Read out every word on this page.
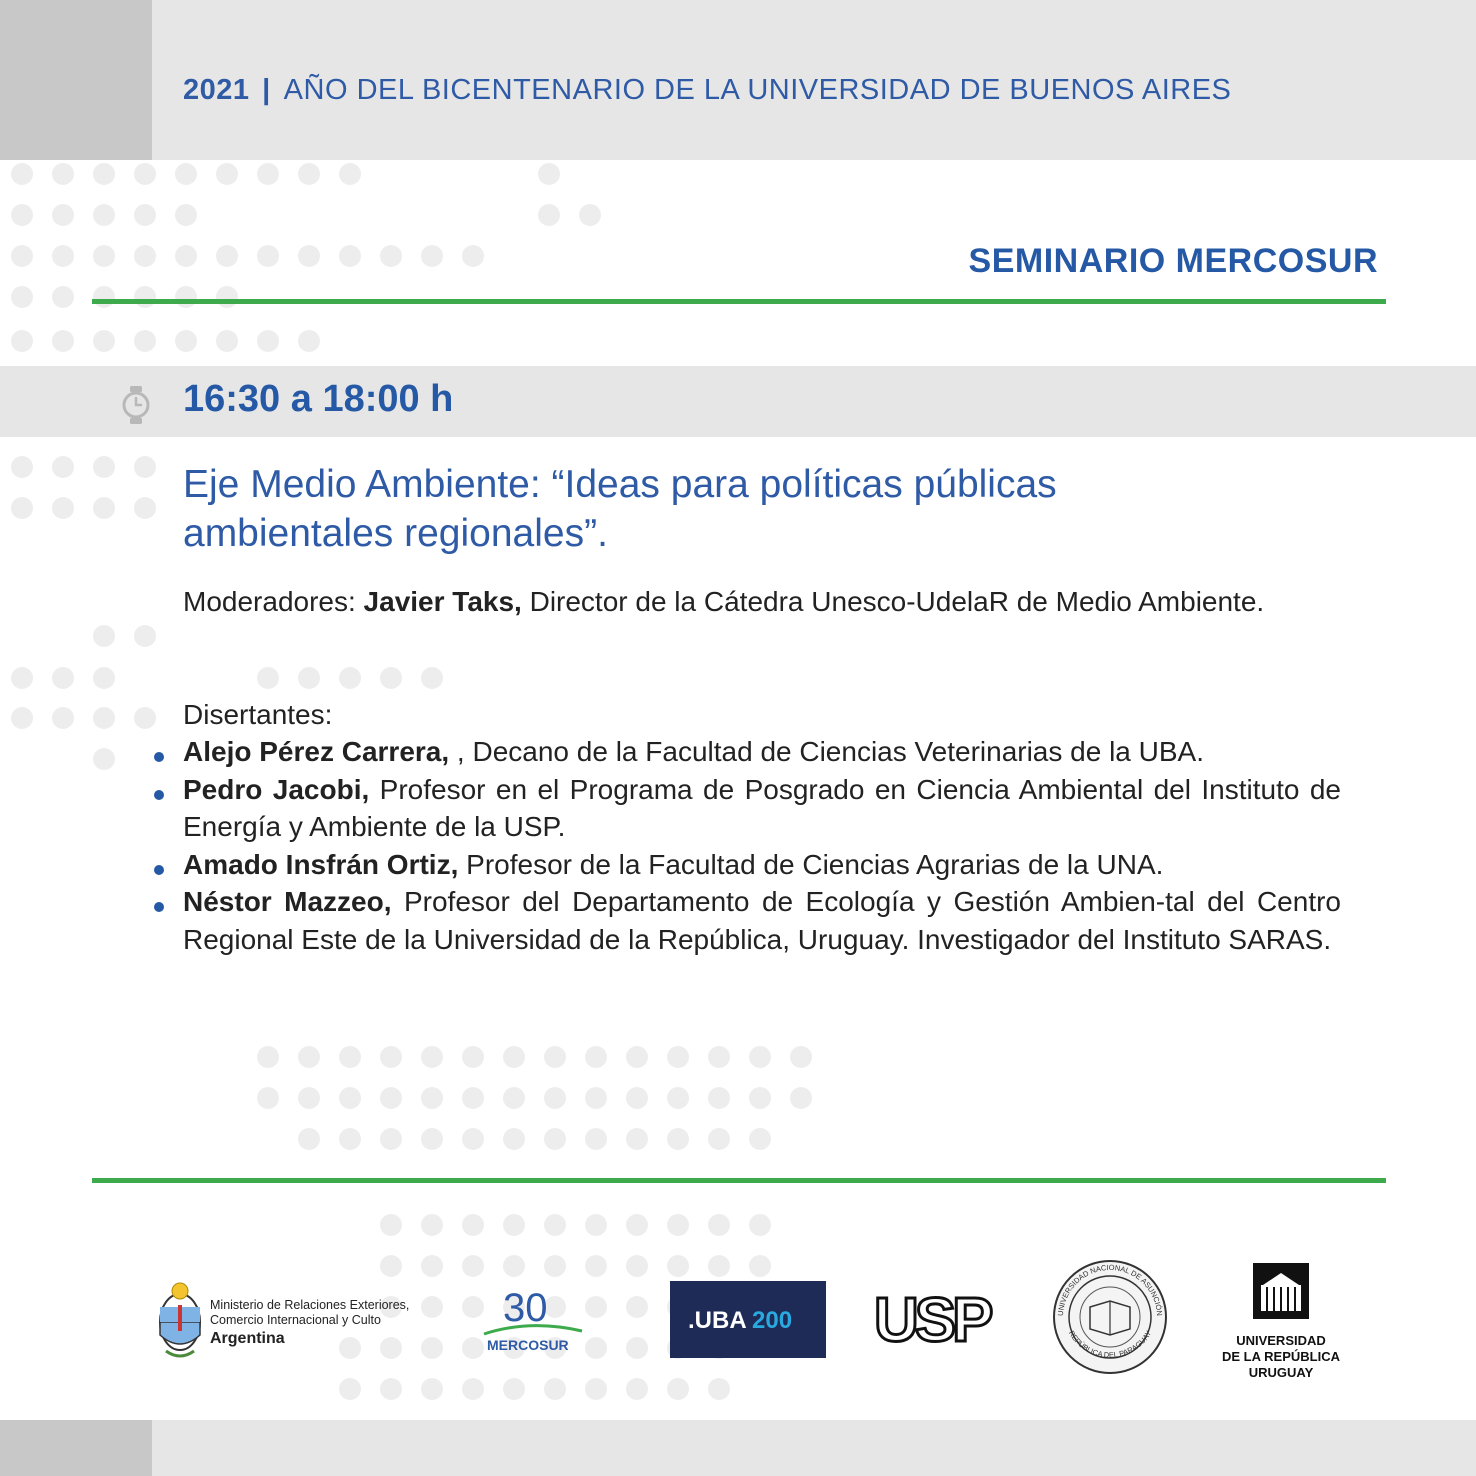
2021 | AÑO DEL BICENTENARIO DE LA UNIVERSIDAD DE BUENOS AIRES
SEMINARIO MERCOSUR
16:30 a 18:00 h
Eje Medio Ambiente: “Ideas para políticas públicas
ambientales regionales”.
Moderadores: Javier Taks, Director de la Cátedra Unesco-UdelaR de Medio Ambiente.
Disertantes:
Alejo Pérez Carrera, , Decano de la Facultad de Ciencias Veterinarias de la UBA.
Pedro Jacobi, Profesor en el Programa de Posgrado en Ciencia Ambiental del Instituto de Energía y Ambiente de la USP.
Amado Insfrán Ortiz, Profesor de la Facultad de Ciencias Agrarias de la UNA.
Néstor Mazzeo, Profesor del Departamento de Ecología y Gestión Ambien-tal del Centro Regional Este de la Universidad de la República, Uruguay. Investigador del Instituto SARAS.
Ministerio de Relaciones Exteriores,
Comercio Internacional y Culto
Argentina
30
MERCOSUR
.UBA 200 USP	UNIVERSIDAD NACIONAL DE ASUNCIÓN
REPÚBLICA DEL PARAGUAY	UNIVERSIDAD
DE LA REPÚBLICA
URUGUAY
